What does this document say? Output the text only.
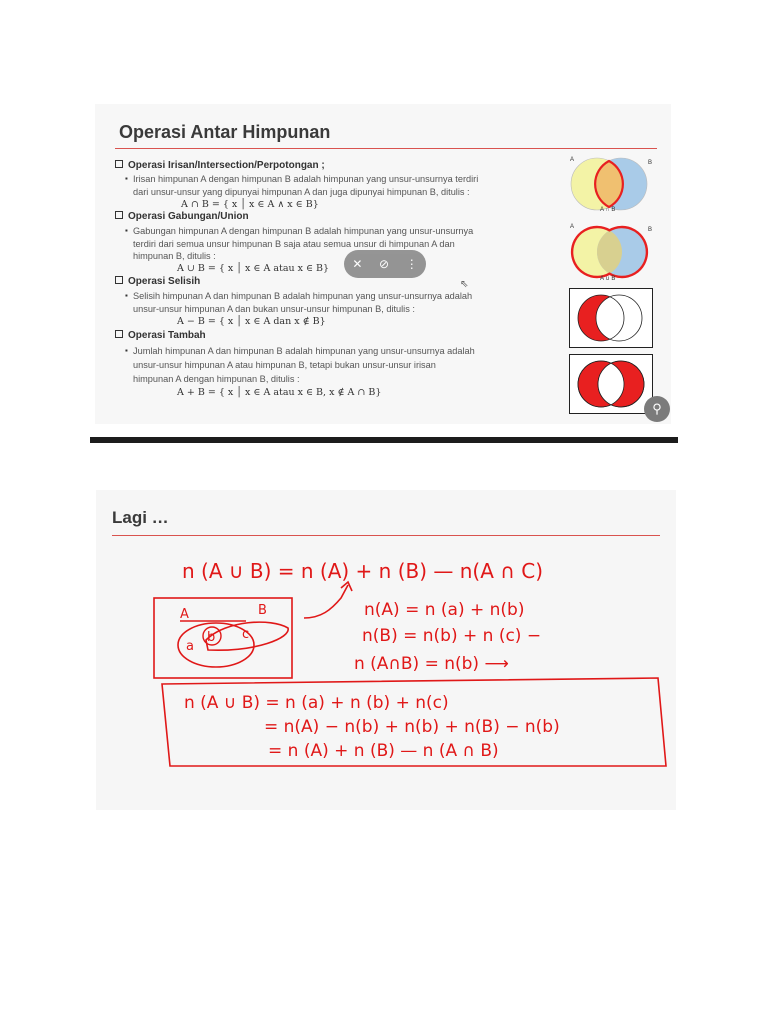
Operasi Antar Himpunan
Operasi Irisan/Intersection/Perpotongan ;
▪ Irisan himpunan A dengan himpunan B adalah himpunan yang unsur-unsurnya terdiri
dari unsur-unsur yang dipunyai himpunan A dan juga dipunyai himpunan B, ditulis :
A ∩ B = { x │ x ∈ A ∧ x ∈ B}
Operasi Gabungan/Union
▪ Gabungan himpunan A dengan himpunan B adalah himpunan yang unsur-unsurnya
terdiri dari semua unsur himpunan B saja atau semua unsur di himpunan A dan
himpunan B, ditulis :
A ∪ B = { x │ x ∈ A atau x ∈ B}
Operasi Selisih
▪ Selisih himpunan A dan himpunan B adalah himpunan yang unsur-unsurnya adalah
unsur-unsur himpunan A dan bukan unsur-unsur himpunan B, ditulis :
A − B = { x │ x ∈ A dan x ∉ B}
Operasi Tambah
▪ Jumlah himpunan A dan himpunan B adalah himpunan yang unsur-unsurnya adalah
unsur-unsur himpunan A atau himpunan B, tetapi bukan unsur-unsur irisan
himpunan A dengan himpunan B, ditulis :
A + B = { x │ x ∈ A atau x ∈ B, x ∉ A ∩ B}
A	B
A ∩ B
A	B
A ∪ B
✕ ⊘ ⋮
⇖
⚲
Lagi …
n (A ∪ B) = n (A) + n (B) — n(A ∩ C)
A	B
a
b c
n(A) = n (a) + n(b)
n(B) = n(b) + n (c) −
n (A∩B) = n(b) ⟶
n (A ∪ B) = n (a) + n (b) + n(c)
= n(A) − n(b) + n(b) + n(B) − n(b)
= n (A) + n (B) — n (A ∩ B)
